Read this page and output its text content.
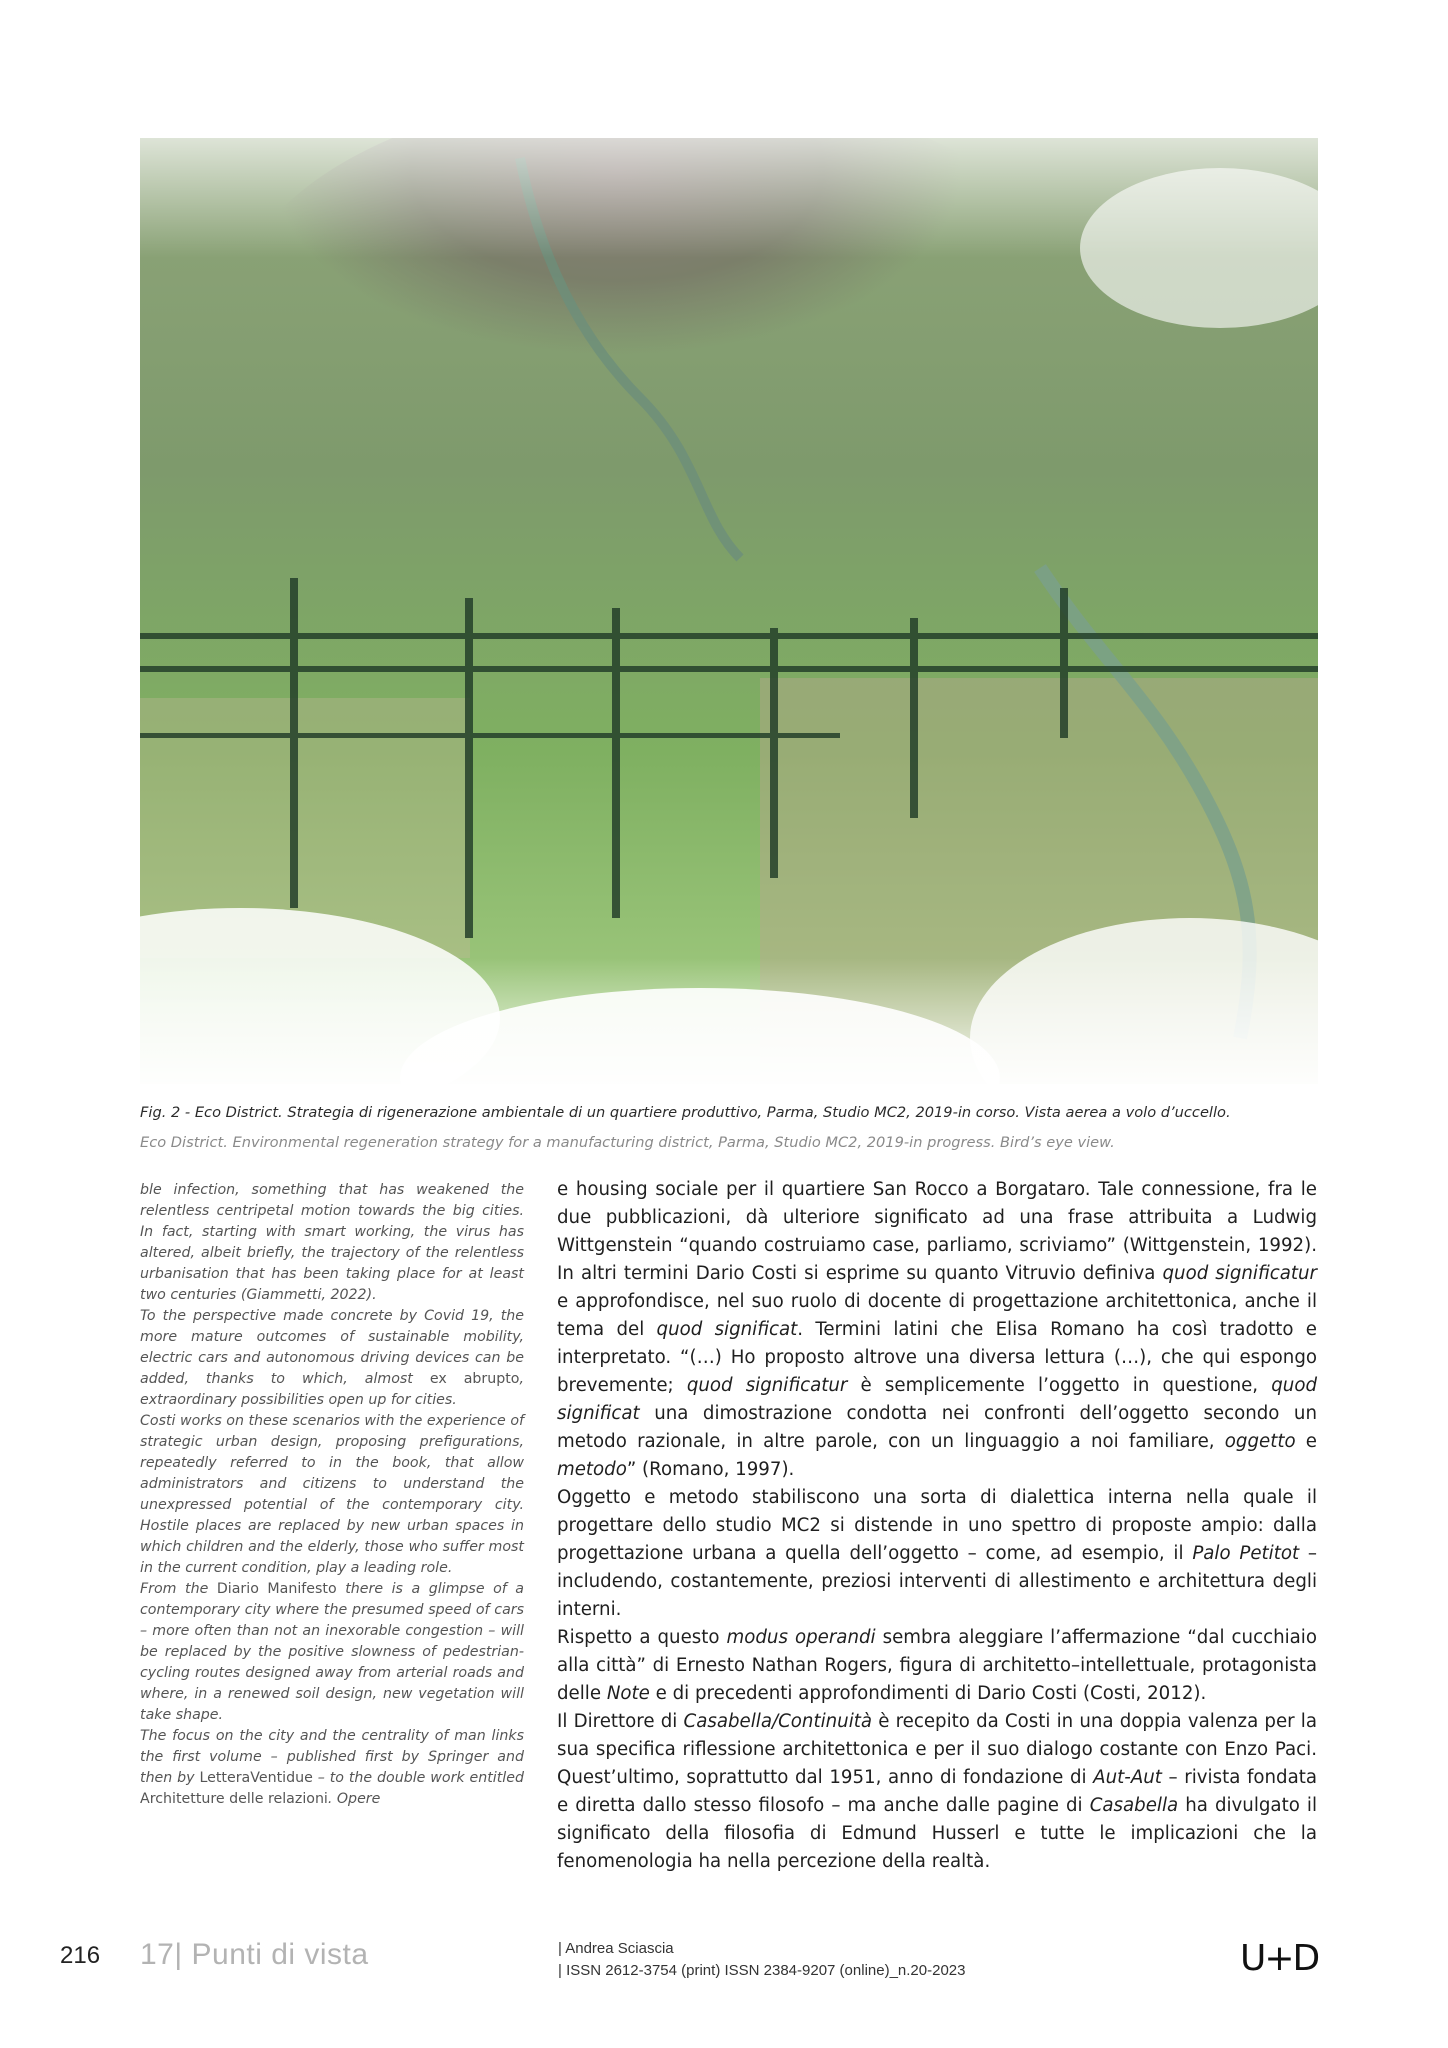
Fig. 2 - Eco District. Strategia di rigenerazione ambientale di un quartiere produttivo, Parma, Studio MC2, 2019-in corso. Vista aerea a volo d’uccello.
Eco District. Environmental regeneration strategy for a manufacturing district, Parma, Studio MC2, 2019-in progress. Bird’s eye view.

ble infection, something that has weakened the relentless centripetal motion towards the big cities. In fact, starting with smart working, the virus has altered, albeit briefly, the trajectory of the relentless urbanisation that has been taking place for at least two centuries (Giammetti, 2022).

To the perspective made concrete by Covid 19, the more mature outcomes of sustainable mobility, electric cars and autonomous driving devices can be added, thanks to which, almost ex abrupto, extraordinary possibilities open up for cities.

Costi works on these scenarios with the experience of strategic urban design, proposing prefigurations, repeatedly referred to in the book, that allow administrators and citizens to understand the unexpressed potential of the contemporary city. Hostile places are replaced by new urban spaces in which children and the elderly, those who suffer most in the current condition, play a leading role.

From the Diario Manifesto there is a glimpse of a contemporary city where the presumed speed of cars – more often than not an inexorable congestion – will be replaced by the positive slowness of pedestrian-cycling routes designed away from arterial roads and where, in a renewed soil design, new vegetation will take shape.

The focus on the city and the centrality of man links the first volume – published first by Springer and then by LetteraVentidue – to the double work entitled Architetture delle relazioni. Opere

e housing sociale per il quartiere San Rocco a Borgataro. Tale connessione, fra le due pubblicazioni, dà ulteriore significato ad una frase attribuita a Ludwig Wittgenstein “quando costruiamo case, parliamo, scriviamo” (Wittgenstein, 1992). In altri termini Dario Costi si esprime su quanto Vitruvio definiva quod significatur e approfondisce, nel suo ruolo di docente di progettazione architettonica, anche il tema del quod significat. Termini latini che Elisa Romano ha così tradotto e interpretato. “(…) Ho proposto altrove una diversa lettura (…), che qui espongo brevemente; quod significatur è semplicemente l’oggetto in questione, quod significat una dimostrazione condotta nei confronti dell’oggetto secondo un metodo razionale, in altre parole, con un linguaggio a noi familiare, oggetto e metodo” (Romano, 1997).

Oggetto e metodo stabiliscono una sorta di dialettica interna nella quale il progettare dello studio MC2 si distende in uno spettro di proposte ampio: dalla progettazione urbana a quella dell’oggetto – come, ad esempio, il Palo Petitot – includendo, costantemente, preziosi interventi di allestimento e architettura degli interni.

Rispetto a questo modus operandi sembra aleggiare l’affermazione “dal cucchiaio alla città” di Ernesto Nathan Rogers, figura di architetto–intellettuale, protagonista delle Note e di precedenti approfondimenti di Dario Costi (Costi, 2012).

Il Direttore di Casabella/Continuità è recepito da Costi in una doppia valenza per la sua specifica riflessione architettonica e per il suo dialogo costante con Enzo Paci. Quest’ultimo, soprattutto dal 1951, anno di fondazione di Aut-Aut – rivista fondata e diretta dallo stesso filosofo – ma anche dalle pagine di Casabella ha divulgato il significato della filosofia di Edmund Husserl e tutte le implicazioni che la fenomenologia ha nella percezione della realtà.

216 17| Punti di vista	| Andrea Sciascia
| ISSN 2612-3754 (print) ISSN 2384-9207 (online)_n.20-2023	U+D
